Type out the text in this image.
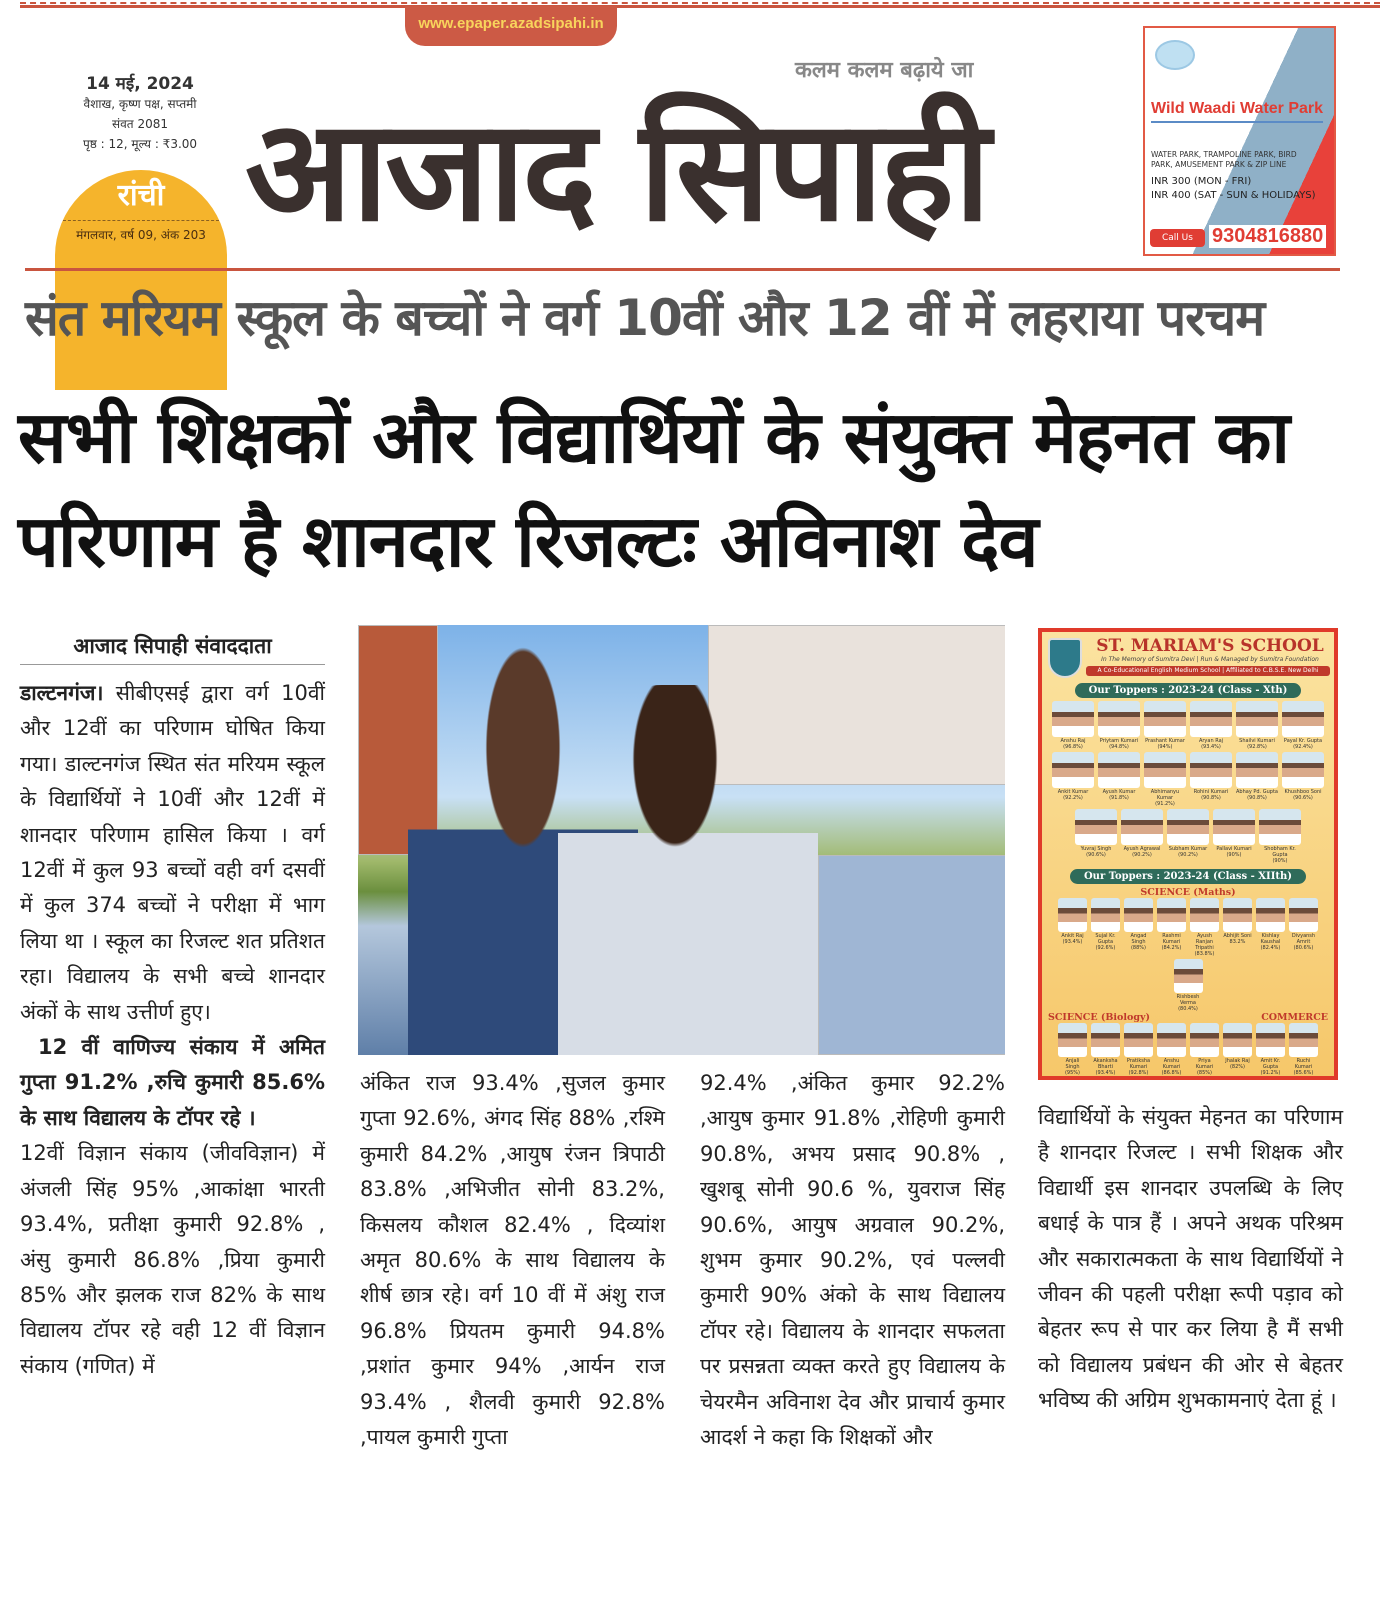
www.epaper.azadsipahi.in
14 मई, 2024
वैशाख, कृष्ण पक्ष, सप्तमी
संवत 2081
पृष्ठ : 12, मूल्य : ₹3.00
रांची
मंगलवार, वर्ष 09, अंक 203
कलम कलम बढ़ाये जा
आजाद सिपाही	Wild Waadi Water Park
WATER PARK, TRAMPOLINE PARK, BIRD PARK, AMUSEMENT PARK & ZIP LINE
INR 300 (MON - FRI)
INR 400 (SAT - SUN & HOLIDAYS)
Call Us 9304816880
संत मरियम स्कूल के बच्चों ने वर्ग 10वीं और 12 वीं में लहराया परचम
सभी शिक्षकों और विद्यार्थियों के संयुक्त मेहनत का परिणाम है शानदार रिजल्टः अविनाश देव
आजाद सिपाही संवाददाता

डाल्टनगंज। सीबीएसई द्वारा वर्ग 10वीं और 12वीं का परिणाम घोषित किया गया। डाल्टनगंज स्थित संत मरियम स्कूल के विद्यार्थियों ने 10वीं और 12वीं में शानदार परिणाम हासिल किया । वर्ग 12वीं में कुल 93 बच्चों वही वर्ग दसवीं में कुल 374 बच्चों ने परीक्षा में भाग लिया था । स्कूल का रिजल्ट शत प्रतिशत रहा। विद्यालय के सभी बच्चे शानदार अंकों के साथ उत्तीर्ण हुए।

12 वीं वाणिज्य संकाय में अमित गुप्ता 91.2% ,रुचि कुमारी 85.6% के साथ विद्यालय के टॉपर रहे ।

12वीं विज्ञान संकाय (जीवविज्ञान) में अंजली सिंह 95% ,आकांक्षा भारती 93.4%, प्रतीक्षा कुमारी 92.8% , अंसु कुमारी 86.8% ,प्रिया कुमारी 85% और झलक राज 82% के साथ विद्यालय टॉपर रहे वही 12 वीं विज्ञान संकाय (गणित) में

अंकित राज 93.4% ,सुजल कुमार गुप्ता 92.6%, अंगद सिंह 88% ,रश्मि कुमारी 84.2% ,आयुष रंजन त्रिपाठी 83.8% ,अभिजीत सोनी 83.2%, किसलय कौशल 82.4% , दिव्यांश अमृत 80.6% के साथ विद्यालय के शीर्ष छात्र रहे। वर्ग 10 वीं में अंशु राज 96.8% प्रियतम कुमारी 94.8% ,प्रशांत कुमार 94% ,आर्यन राज 93.4% , शैलवी कुमारी 92.8% ,पायल कुमारी गुप्ता
92.4% ,अंकित कुमार 92.2% ,आयुष कुमार 91.8% ,रोहिणी कुमारी 90.8%, अभय प्रसाद 90.8% , खुशबू सोनी 90.6 %, युवराज सिंह 90.6%, आयुष अग्रवाल 90.2%, शुभम कुमार 90.2%, एवं पल्लवी कुमारी 90% अंको के साथ विद्यालय टॉपर रहे। विद्यालय के शानदार सफलता पर प्रसन्नता व्यक्त करते हुए विद्यालय के चेयरमैन अविनाश देव और प्राचार्य कुमार आदर्श ने कहा कि शिक्षकों और
ST. MARIAM'S SCHOOL
In The Memory of Sumitra Devi | Run & Managed by Sumitra Foundation
A Co-Educational English Medium School | Affiliated to C.B.S.E. New Delhi
Our Toppers : 2023-24 (Class - Xth)
Anshu Raj
(96.8%)
Priytam Kumari
(94.8%)
Prashant Kumar
(94%)
Aryan Raj
(93.4%)
Shailvi Kumari
(92.8%)
Payal Kr. Gupta
(92.4%)
Ankit Kumar
(92.2%)
Ayush Kumar
(91.8%)
Abhimanyu Kumar
(91.2%)
Rohini Kumari
(90.8%)
Abhay Pd. Gupta
(90.8%)
Khushboo Soni
(90.6%)
Yuvraj Singh
(90.6%)
Ayush Agrawal
(90.2%)
Subham Kumar
(90.2%)
Pallavi Kumari
(90%)
Shobham Kr. Gupta
(90%)
Our Toppers : 2023-24 (Class - XIIth)
SCIENCE (Maths)
Ankit Raj
(93.4%)
Sujal Kr. Gupta
(92.6%)
Angad Singh
(88%)
Rashmi Kumari
(84.2%)
Ayush Ranjan Tripathi
(83.8%)
Abhijit Soni
83.2%
Kishlay Kaushal
(82.4%)
Divyansh Amrit
(80.6%)
Rishbesh Verma
(80.4%)
SCIENCE (Biology)	COMMERCE
Anjali Singh
(95%)
Akanksha Bharti
(93.4%)
Pratiksha Kumari
(92.8%)
Anshu Kumari
(86.8%)
Priya Kumari
(85%)
Jhalak Raj
(82%)
Amit Kr. Gupta
(91.2%)
Ruchi Kumari
(85.6%)
विद्यार्थियों के संयुक्त मेहनत का परिणाम है शानदार रिजल्ट । सभी शिक्षक और विद्यार्थी इस शानदार उपलब्धि के लिए बधाई के पात्र हैं । अपने अथक परिश्रम और सकारात्मकता के साथ विद्यार्थियों ने जीवन की पहली परीक्षा रूपी पड़ाव को बेहतर रूप से पार कर लिया है मैं सभी को विद्यालय प्रबंधन की ओर से बेहतर भविष्य की अग्रिम शुभकामनाएं देता हूं ।
